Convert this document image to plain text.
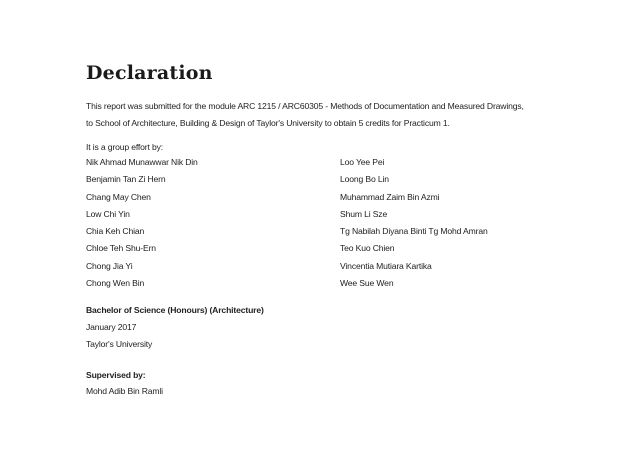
Declaration
This report was submitted for the module ARC 1215 / ARC60305 - Methods of Documentation and Measured Drawings,
to School of Architecture, Building & Design of Taylor's University to obtain 5 credits for Practicum 1.
It is a group effort by:
Nik Ahmad Munawwar Nik Din
Benjamin Tan Zi Hern
Chang May Chen
Low Chi Yin
Chia Keh Chian
Chloe Teh Shu-Ern
Chong Jia Yi
Chong Wen Bin
Loo Yee Pei
Loong Bo Lin
Muhammad Zaim Bin Azmi
Shum Li Sze
Tg Nabilah Diyana Binti Tg Mohd Amran
Teo Kuo Chien
Vincentia Mutiara Kartika
Wee Sue Wen
Bachelor of Science (Honours) (Architecture)
January 2017
Taylor's University
Supervised by:
Mohd Adib Bin Ramli
